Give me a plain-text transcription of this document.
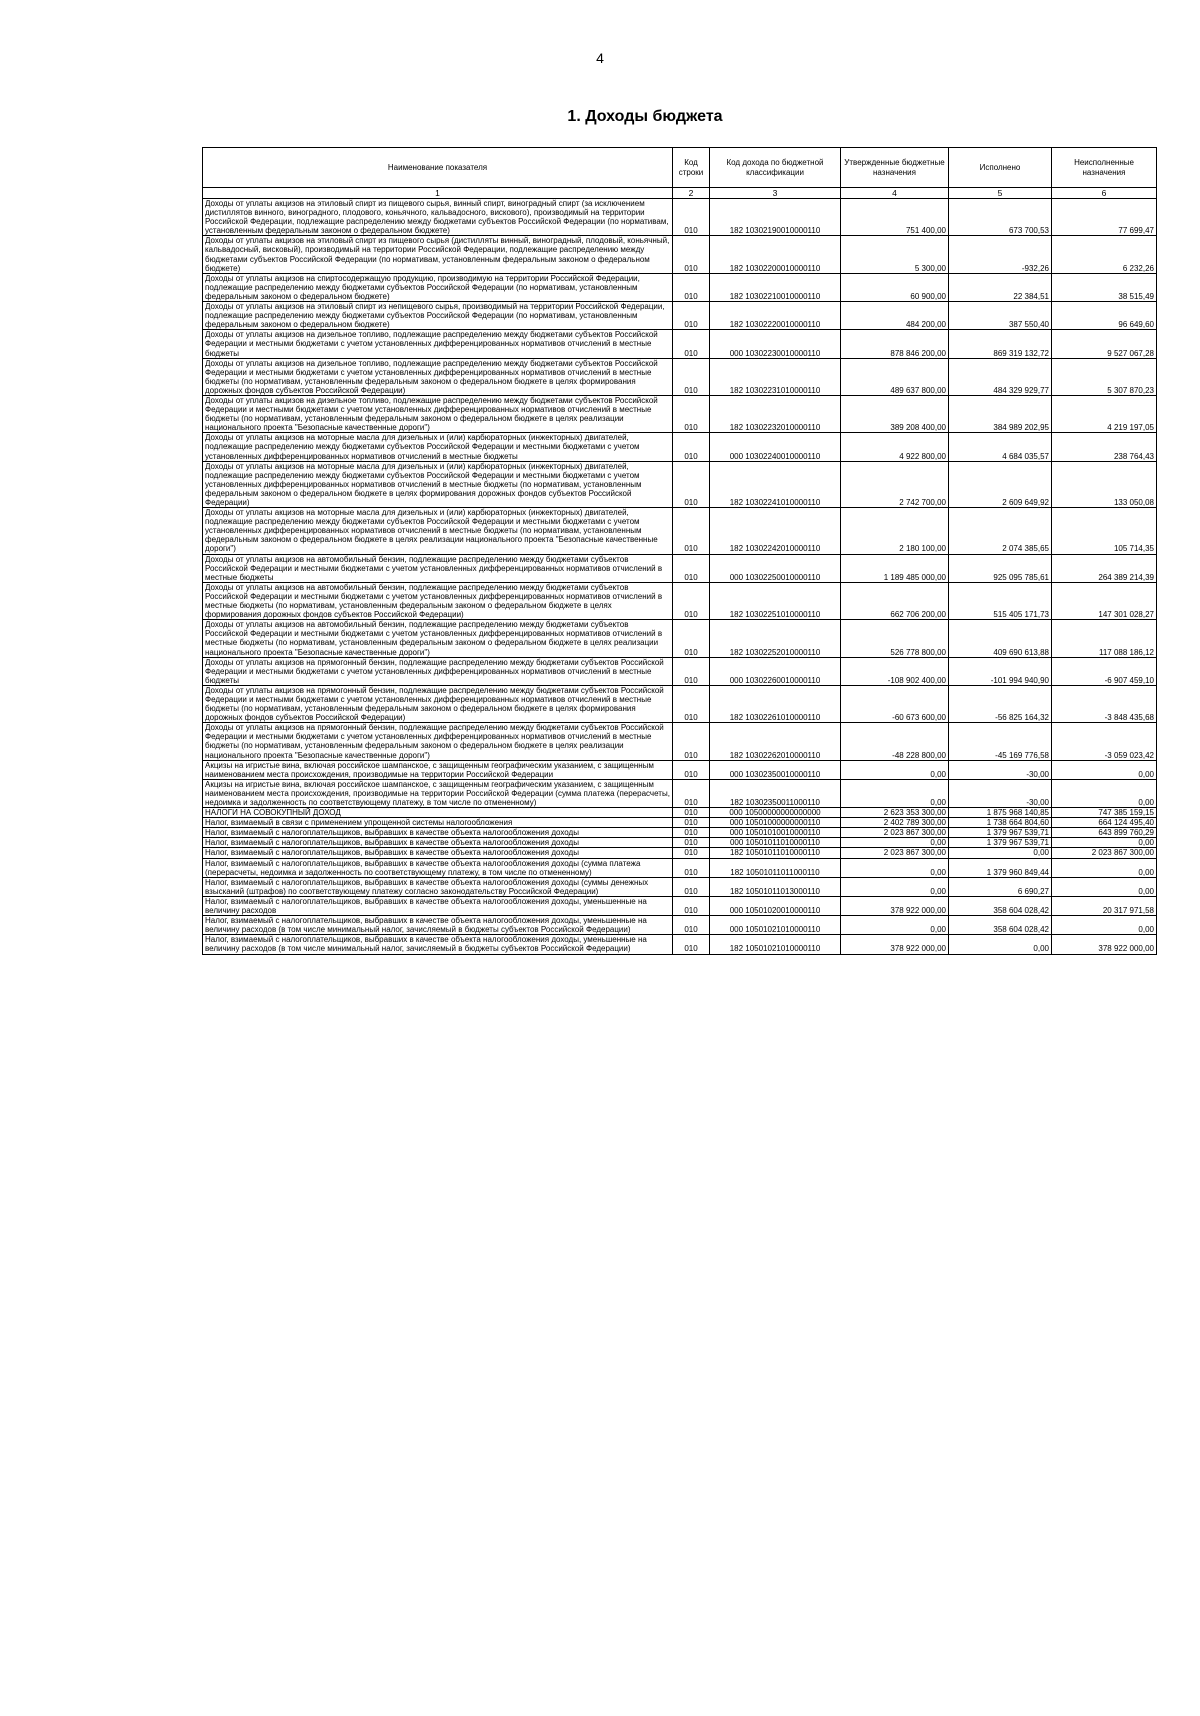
4
1. Доходы бюджета
Наименование показателя	Код строки	Код дохода по бюджетной классификации	Утвержденные бюджетные назначения	Исполнено	Неисполненные назначения
1	2	3	4	5	6
Доходы от уплаты акцизов на этиловый спирт из пищевого сырья, винный спирт, виноградный спирт (за исключением дистиллятов винного, виноградного, плодового, коньячного, кальвадосного, вискового), производимый на территории Российской Федерации, подлежащие распределению между бюджетами субъектов Российской Федерации (по нормативам, установленным федеральным законом о федеральном бюджете)	010	182 10302190010000110	751 400,00	673 700,53	77 699,47
Доходы от уплаты акцизов на этиловый спирт из пищевого сырья (дистилляты винный, виноградный, плодовый, коньячный, кальвадосный, висковый), производимый на территории Российской Федерации, подлежащие распределению между бюджетами субъектов Российской Федерации (по нормативам, установленным федеральным законом о федеральном бюджете)	010	182 10302200010000110	5 300,00	-932,26	6 232,26
Доходы от уплаты акцизов на спиртосодержащую продукцию, производимую на территории Российской Федерации, подлежащие распределению между бюджетами субъектов Российской Федерации (по нормативам, установленным федеральным законом о федеральном бюджете)	010	182 10302210010000110	60 900,00	22 384,51	38 515,49
Доходы от уплаты акцизов на этиловый спирт из непищевого сырья, производимый на территории Российской Федерации, подлежащие распределению между бюджетами субъектов Российской Федерации (по нормативам, установленным федеральным законом о федеральном бюджете)	010	182 10302220010000110	484 200,00	387 550,40	96 649,60
Доходы от уплаты акцизов на дизельное топливо, подлежащие распределению между бюджетами субъектов Российской Федерации и местными бюджетами с учетом установленных дифференцированных нормативов отчислений в местные бюджеты	010	000 10302230010000110	878 846 200,00	869 319 132,72	9 527 067,28
Доходы от уплаты акцизов на дизельное топливо, подлежащие распределению между бюджетами субъектов Российской Федерации и местными бюджетами с учетом установленных дифференцированных нормативов отчислений в местные бюджеты (по нормативам, установленным федеральным законом о федеральном бюджете в целях формирования дорожных фондов субъектов Российской Федерации)	010	182 10302231010000110	489 637 800,00	484 329 929,77	5 307 870,23
Доходы от уплаты акцизов на дизельное топливо, подлежащие распределению между бюджетами субъектов Российской Федерации и местными бюджетами с учетом установленных дифференцированных нормативов отчислений в местные бюджеты (по нормативам, установленным федеральным законом о федеральном бюджете в целях реализации национального проекта "Безопасные качественные дороги")	010	182 10302232010000110	389 208 400,00	384 989 202,95	4 219 197,05
Доходы от уплаты акцизов на моторные масла для дизельных и (или) карбюраторных (инжекторных) двигателей, подлежащие распределению между бюджетами субъектов Российской Федерации и местными бюджетами с учетом установленных дифференцированных нормативов отчислений в местные бюджеты	010	000 10302240010000110	4 922 800,00	4 684 035,57	238 764,43
Доходы от уплаты акцизов на моторные масла для дизельных и (или) карбюраторных (инжекторных) двигателей, подлежащие распределению между бюджетами субъектов Российской Федерации и местными бюджетами с учетом установленных дифференцированных нормативов отчислений в местные бюджеты (по нормативам, установленным федеральным законом о федеральном бюджете в целях формирования дорожных фондов субъектов Российской Федерации)	010	182 10302241010000110	2 742 700,00	2 609 649,92	133 050,08
Доходы от уплаты акцизов на моторные масла для дизельных и (или) карбюраторных (инжекторных) двигателей, подлежащие распределению между бюджетами субъектов Российской Федерации и местными бюджетами с учетом установленных дифференцированных нормативов отчислений в местные бюджеты (по нормативам, установленным федеральным законом о федеральном бюджете в целях реализации национального проекта "Безопасные качественные дороги")	010	182 10302242010000110	2 180 100,00	2 074 385,65	105 714,35
Доходы от уплаты акцизов на автомобильный бензин, подлежащие распределению между бюджетами субъектов Российской Федерации и местными бюджетами с учетом установленных дифференцированных нормативов отчислений в местные бюджеты	010	000 10302250010000110	1 189 485 000,00	925 095 785,61	264 389 214,39
Доходы от уплаты акцизов на автомобильный бензин, подлежащие распределению между бюджетами субъектов Российской Федерации и местными бюджетами с учетом установленных дифференцированных нормативов отчислений в местные бюджеты (по нормативам, установленным федеральным законом о федеральном бюджете в целях формирования дорожных фондов субъектов Российской Федерации)	010	182 10302251010000110	662 706 200,00	515 405 171,73	147 301 028,27
Доходы от уплаты акцизов на автомобильный бензин, подлежащие распределению между бюджетами субъектов Российской Федерации и местными бюджетами с учетом установленных дифференцированных нормативов отчислений в местные бюджеты (по нормативам, установленным федеральным законом о федеральном бюджете в целях реализации национального проекта "Безопасные качественные дороги")	010	182 10302252010000110	526 778 800,00	409 690 613,88	117 088 186,12
Доходы от уплаты акцизов на прямогонный бензин, подлежащие распределению между бюджетами субъектов Российской Федерации и местными бюджетами с учетом установленных дифференцированных нормативов отчислений в местные бюджеты	010	000 10302260010000110	-108 902 400,00	-101 994 940,90	-6 907 459,10
Доходы от уплаты акцизов на прямогонный бензин, подлежащие распределению между бюджетами субъектов Российской Федерации и местными бюджетами с учетом установленных дифференцированных нормативов отчислений в местные бюджеты (по нормативам, установленным федеральным законом о федеральном бюджете в целях формирования дорожных фондов субъектов Российской Федерации)	010	182 10302261010000110	-60 673 600,00	-56 825 164,32	-3 848 435,68
Доходы от уплаты акцизов на прямогонный бензин, подлежащие распределению между бюджетами субъектов Российской Федерации и местными бюджетами с учетом установленных дифференцированных нормативов отчислений в местные бюджеты (по нормативам, установленным федеральным законом о федеральном бюджете в целях реализации национального проекта "Безопасные качественные дороги")	010	182 10302262010000110	-48 228 800,00	-45 169 776,58	-3 059 023,42
Акцизы на игристые вина, включая российское шампанское, с защищенным географическим указанием, с защищенным наименованием места происхождения, производимые на территории Российской Федерации	010	000 10302350010000110	0,00	-30,00	0,00
Акцизы на игристые вина, включая российское шампанское, с защищенным географическим указанием, с защищенным наименованием места происхождения, производимые на территории Российской Федерации (сумма платежа (перерасчеты, недоимка и задолженность по соответствующему платежу, в том числе по отмененному)	010	182 10302350011000110	0,00	-30,00	0,00
НАЛОГИ НА СОВОКУПНЫЙ ДОХОД	010	000 10500000000000000	2 623 353 300,00	1 875 968 140,85	747 385 159,15
Налог, взимаемый в связи с применением упрощенной системы налогообложения	010	000 10501000000000110	2 402 789 300,00	1 738 664 804,60	664 124 495,40
Налог, взимаемый с налогоплательщиков, выбравших в качестве объекта налогообложения доходы	010	000 10501010010000110	2 023 867 300,00	1 379 967 539,71	643 899 760,29
Налог, взимаемый с налогоплательщиков, выбравших в качестве объекта налогообложения доходы	010	000 10501011010000110	0,00	1 379 967 539,71	0,00
Налог, взимаемый с налогоплательщиков, выбравших в качестве объекта налогообложения доходы	010	182 10501011010000110	2 023 867 300,00	0,00	2 023 867 300,00
Налог, взимаемый с налогоплательщиков, выбравших в качестве объекта налогообложения доходы (сумма платежа (перерасчеты, недоимка и задолженность по соответствующему платежу, в том числе по отмененному)	010	182 10501011011000110	0,00	1 379 960 849,44	0,00
Налог, взимаемый с налогоплательщиков, выбравших в качестве объекта налогообложения доходы (суммы денежных взысканий (штрафов) по соответствующему платежу согласно законодательству Российской Федерации)	010	182 10501011013000110	0,00	6 690,27	0,00
Налог, взимаемый с налогоплательщиков, выбравших в качестве объекта налогообложения доходы, уменьшенные на величину расходов	010	000 10501020010000110	378 922 000,00	358 604 028,42	20 317 971,58
Налог, взимаемый с налогоплательщиков, выбравших в качестве объекта налогообложения доходы, уменьшенные на величину расходов (в том числе минимальный налог, зачисляемый в бюджеты субъектов Российской Федерации)	010	000 10501021010000110	0,00	358 604 028,42	0,00
Налог, взимаемый с налогоплательщиков, выбравших в качестве объекта налогообложения доходы, уменьшенные на величину расходов (в том числе минимальный налог, зачисляемый в бюджеты субъектов Российской Федерации)	010	182 10501021010000110	378 922 000,00	0,00	378 922 000,00
